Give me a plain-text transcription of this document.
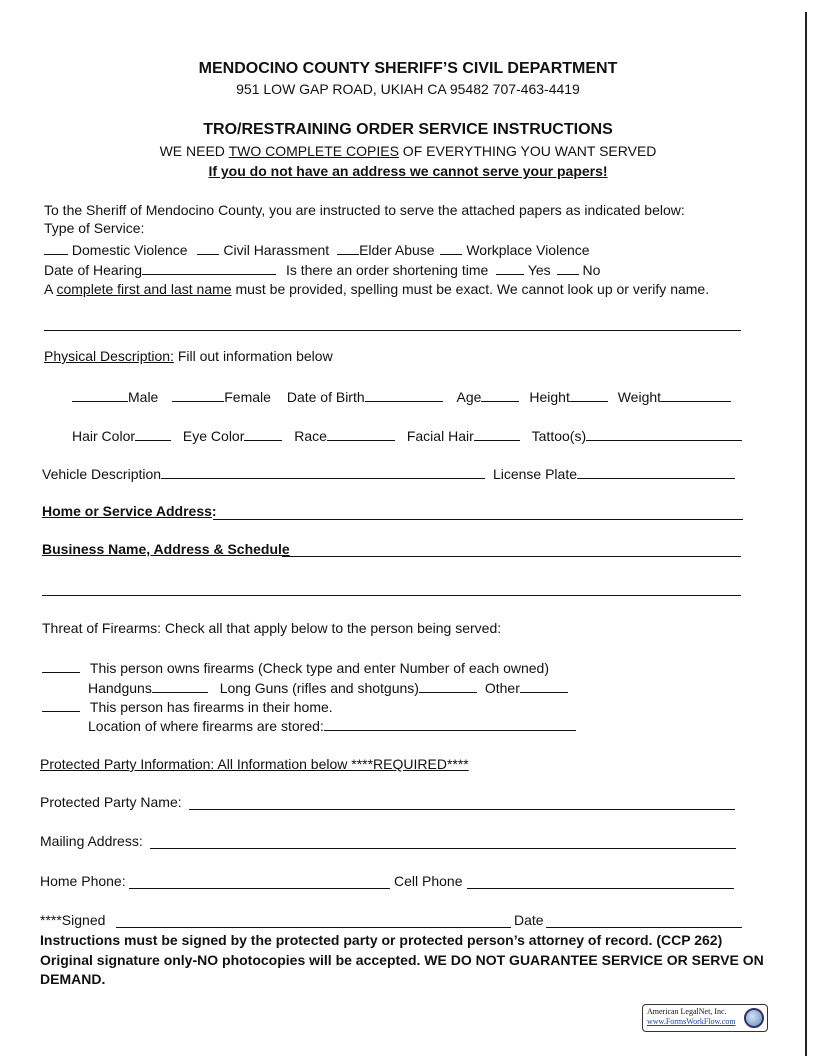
MENDOCINO COUNTY SHERIFF’S CIVIL DEPARTMENT
951 LOW GAP ROAD, UKIAH CA 95482 707-463-4419
TRO/RESTRAINING ORDER SERVICE INSTRUCTIONS
WE NEED TWO COMPLETE COPIES OF EVERYTHING YOU WANT SERVED
If you do not have an address we cannot serve your papers!
To the Sheriff of Mendocino County, you are instructed to serve the attached papers as indicated below:
Type of Service:
Domestic Violence	Civil Harassment Elder Abuse Workplace Violence
Date of Hearing	Is there an order shortening time	Yes No
A complete first and last name must be provided, spelling must be exact. We cannot look up or verify name.
Physical Description: Fill out information below
Male	Female Date of Birth	Age	Height	Weight
Hair Color	Eye Color	Race	Facial Hair	Tattoo(s)
Vehicle Description	License Plate
Home or Service Address:
Business Name, Address & Schedule
Threat of Firearms: Check all that apply below to the person being served:
This person owns firearms (Check type and enter Number of each owned)
Handguns	Long Guns (rifles and shotguns)	Other
This person has firearms in their home.
Location of where firearms are stored:
Protected Party Information: All Information below ****REQUIRED****
Protected Party Name:
Mailing Address:
Home Phone:	Cell Phone
****Signed	Date
Instructions must be signed by the protected party or protected person’s attorney of record. (CCP 262)
Original signature only-NO photocopies will be accepted. WE DO NOT GUARANTEE SERVICE OR SERVE ON
DEMAND.
American LegalNet, Inc.
www.FormsWorkFlow.com
